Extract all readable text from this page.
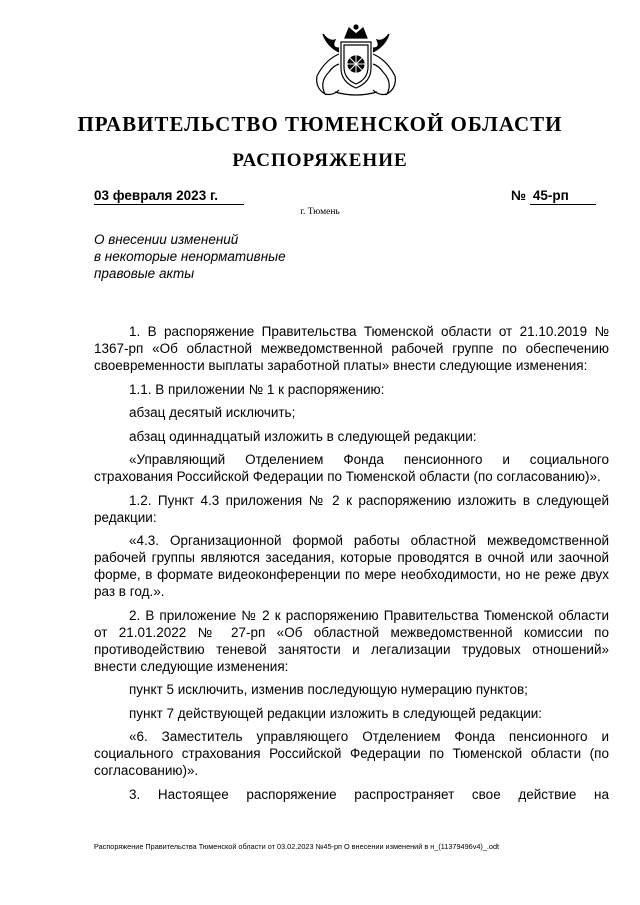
ПРАВИТЕЛЬСТВО ТЮМЕНСКОЙ ОБЛАСТИ
РАСПОРЯЖЕНИЕ
03 февраля 2023 г.	№ 45-рп
г. Тюмень
О внесении изменений
в некоторые ненормативные
правовые акты

1. В распоряжение Правительства Тюменской области от 21.10.2019 № 1367-рп «Об областной межведомственной рабочей группе по обеспечению своевременности выплаты заработной платы» внести следующие изменения:

1.1. В приложении № 1 к распоряжению:

абзац десятый исключить;

абзац одиннадцатый изложить в следующей редакции:

«Управляющий Отделением Фонда пенсионного и социального страхования Российской Федерации по Тюменской области (по согласованию)».

1.2. Пункт 4.3 приложения № 2 к распоряжению изложить в следующей редакции:

«4.3. Организационной формой работы областной межведомственной рабочей группы являются заседания, которые проводятся в очной или заочной форме, в формате видеоконференции по мере необходимости, но не реже двух раз в год.».

2. В приложение № 2 к распоряжению Правительства Тюменской области от 21.01.2022 № 27-рп «Об областной межведомственной комиссии по противодействию теневой занятости и легализации трудовых отношений» внести следующие изменения:

пункт 5 исключить, изменив последующую нумерацию пунктов;

пункт 7 действующей редакции изложить в следующей редакции:

«6. Заместитель управляющего Отделением Фонда пенсионного и социального страхования Российской Федерации по Тюменской области (по согласованию)».

3. Настоящее распоряжение распространяет свое действие на

Распоряжение Правительства Тюменской области от 03.02.2023 №45-рп О внесении изменений в н_(11379496v4)_.odt
